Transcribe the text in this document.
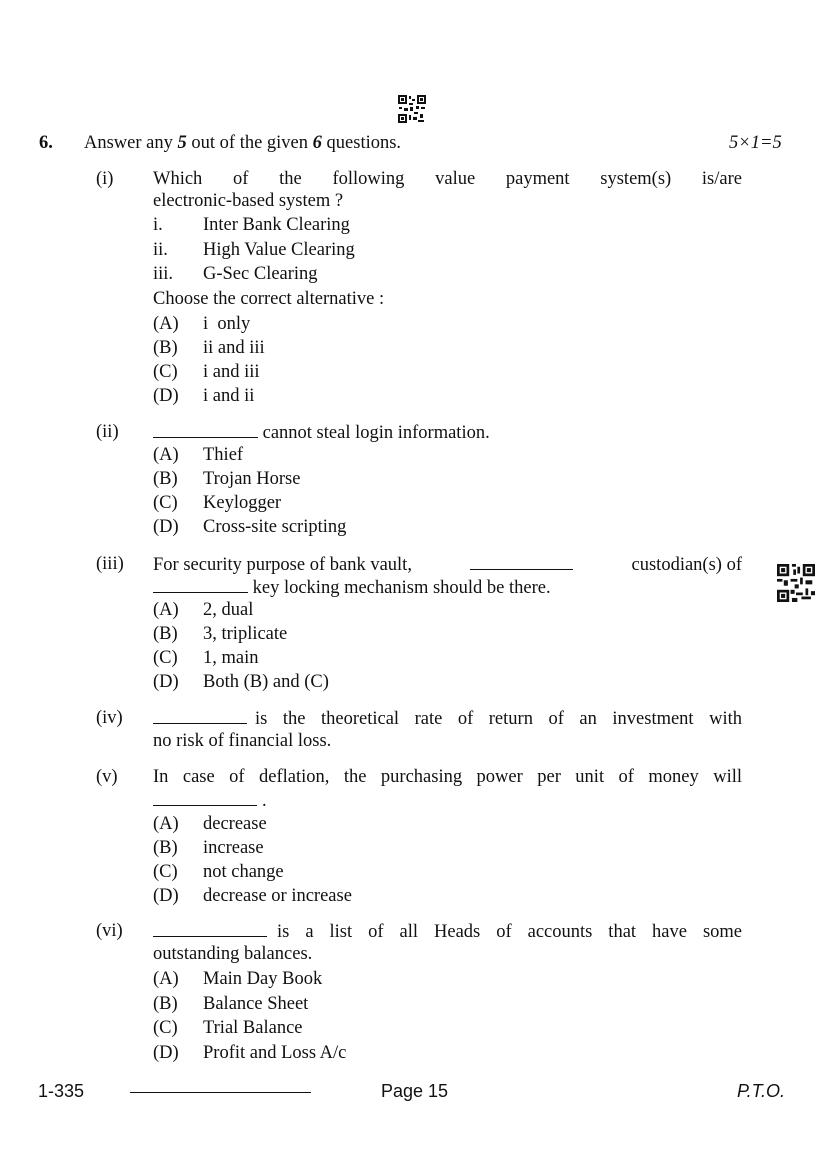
6. Answer any 5 out of the given 6 questions.	5×1=5
(i) Which of the following value payment system(s) is/are
electronic-based system ?
i. Inter Bank Clearing
ii. High Value Clearing
iii. G-Sec Clearing
Choose the correct alternative :
(A) i  only
(B) ii and iii
(C) i and iii
(D) i and ii
(ii)	cannot steal login information.
(A) Thief
(B) Trojan Horse
(C) Keylogger
(D) Cross-site scripting
(iii) For security purpose of bank vault,	custodian(s) of
key locking mechanism should be there.
(A) 2, dual
(B) 3, triplicate
(C) 1, main
(D) Both (B) and (C)
(iv)	is the theoretical rate of return of an investment with
no risk of financial loss.
(v) In case of deflation, the purchasing power per unit of money will
.
(A) decrease
(B) increase
(C) not change
(D) decrease or increase
(vi)	is a list of all Heads of accounts that have some
outstanding balances.
(A) Main Day Book
(B) Balance Sheet
(C) Trial Balance
(D) Profit and Loss A/c
1-335	Page 15	P.T.O.
